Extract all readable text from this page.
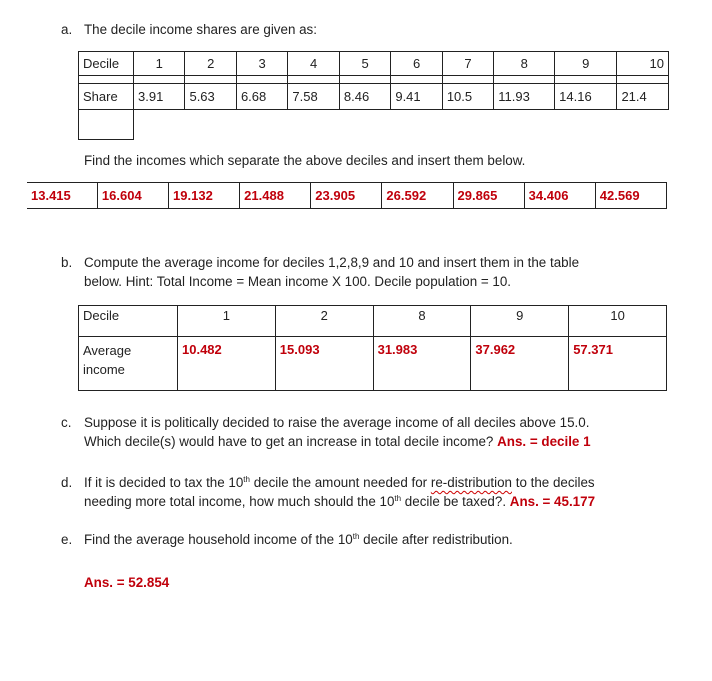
a. The decile income shares are given as:
Decile	1	2	3	4	5	6	7	8	9	10

Share	3.91	5.63	6.68	7.58	8.46	9.41	10.5	11.93	14.16	21.4

Find the incomes which separate the above deciles and insert them below.
13.415	16.604	19.132	21.488	23.905	26.592	29.865	34.406	42.569
b. Compute the average income for deciles 1,2,8,9 and 10 and insert them in the table
below. Hint: Total Income = Mean income X 100. Decile population = 10.
Decile	1	2	8	9	10
Average
income	10.482	15.093	31.983	37.962	57.371
c. Suppose it is politically decided to raise the average income of all deciles above 15.0.
Which decile(s) would have to get an increase in total decile income? Ans. = decile 1
d. If it is decided to tax the 10th decile the amount needed for re-distribution to the deciles
needing more total income, how much should the 10th decile be taxed?. Ans. = 45.177
e. Find the average household income of the 10th decile after redistribution.
Ans. = 52.854
